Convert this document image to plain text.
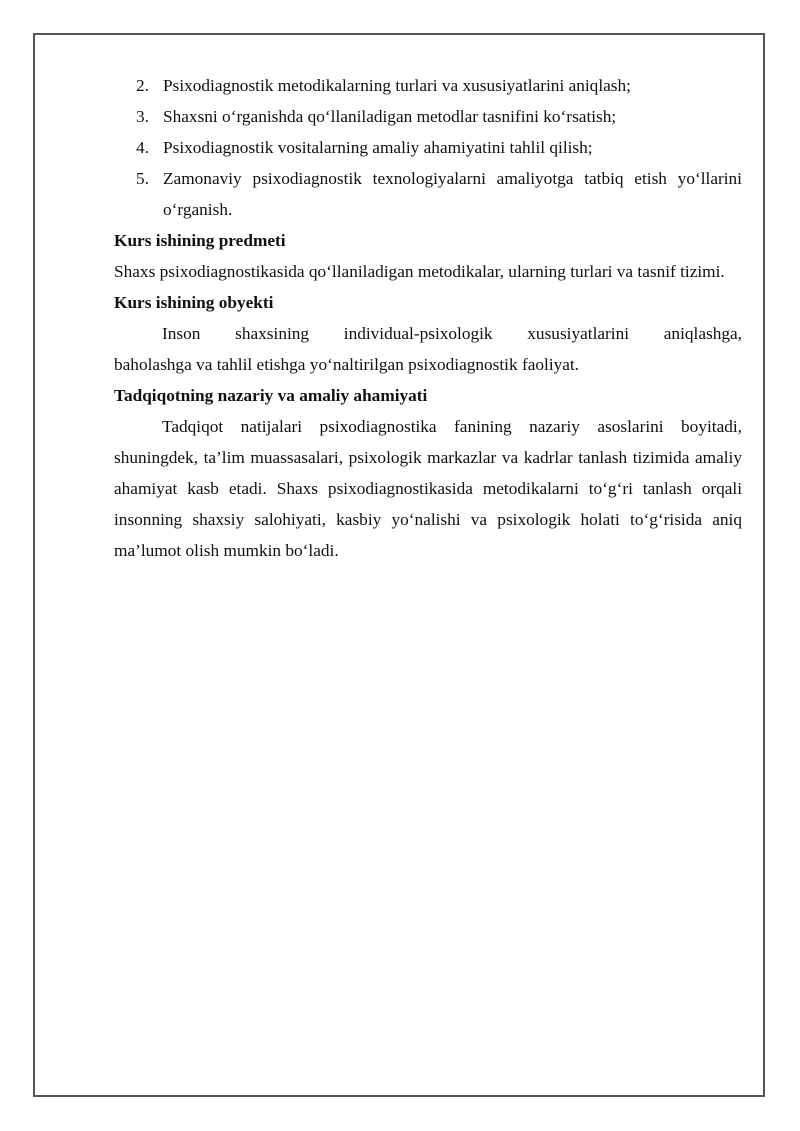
2. Psixodiagnostik metodikalarning turlari va xususiyatlarini aniqlash;
3. Shaxsni o‘rganishda qo‘llaniladigan metodlar tasnifini ko‘rsatish;
4. Psixodiagnostik vositalarning amaliy ahamiyatini tahlil qilish;
5. Zamonaviy psixodiagnostik texnologiyalarni amaliyotga tatbiq etish yo‘llarini o‘rganish.

Kurs ishining predmeti

Shaxs psixodiagnostikasida qo‘llaniladigan metodikalar, ularning turlari va tasnif tizimi.

Kurs ishining obyekti

Inson shaxsining individual-psixologik xususiyatlarini aniqlashga,
baholashga va tahlil etishga yo‘naltirilgan psixodiagnostik faoliyat.

Tadqiqotning nazariy va amaliy ahamiyati

Tadqiqot natijalari psixodiagnostika fanining nazariy asoslarini boyitadi, shuningdek, ta’lim muassasalari, psixologik markazlar va kadrlar tanlash tizimida amaliy ahamiyat kasb etadi. Shaxs psixodiagnostikasida metodikalarni to‘g‘ri tanlash orqali insonning shaxsiy salohiyati, kasbiy yo‘nalishi va psixologik holati to‘g‘risida aniq ma’lumot olish mumkin bo‘ladi.
